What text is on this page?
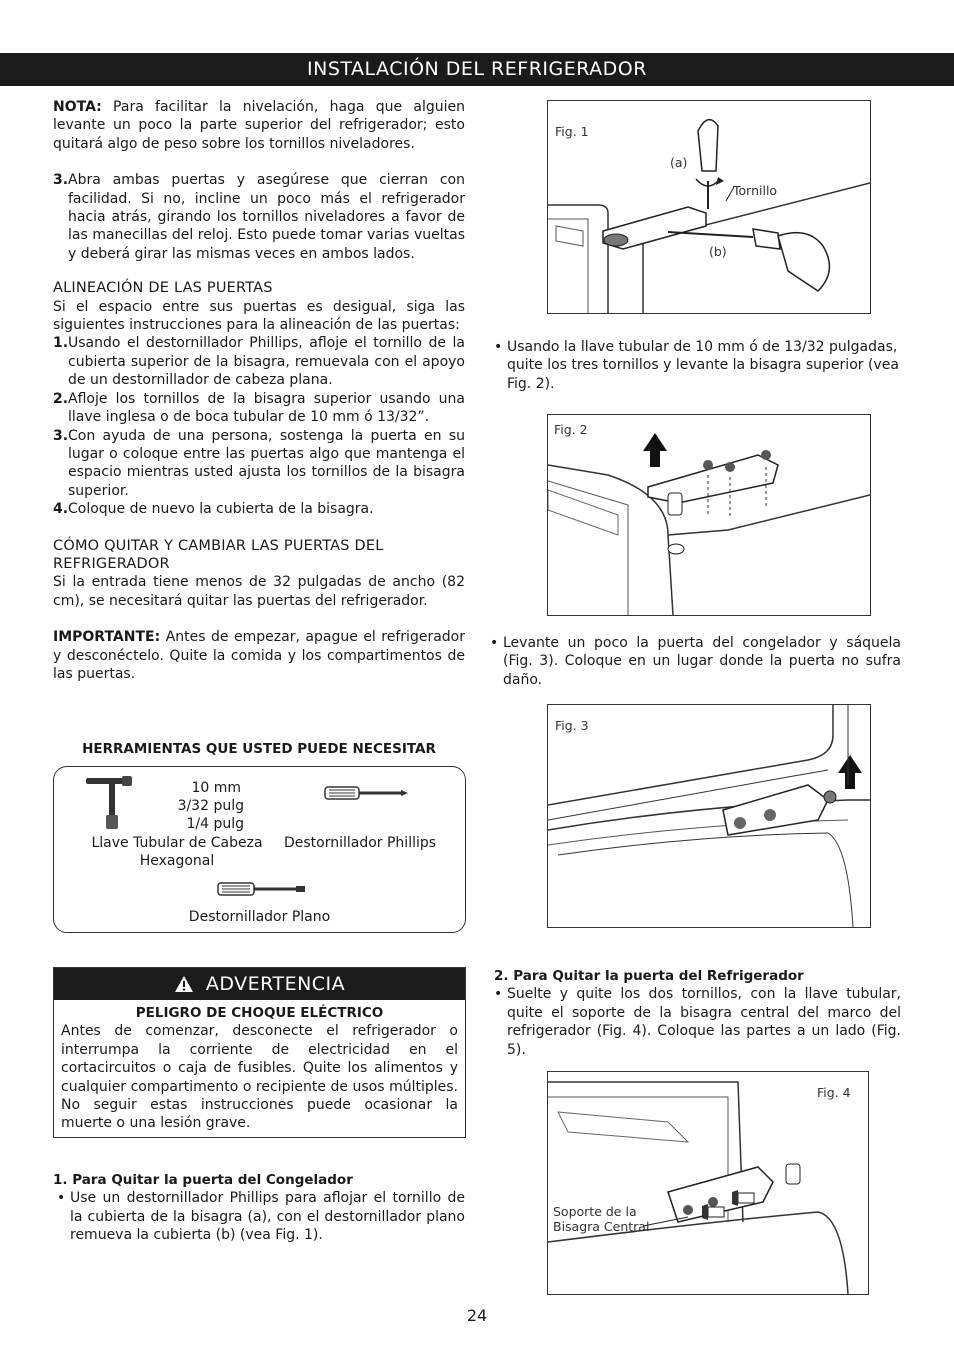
INSTALACIÓN DEL REFRIGERADOR

NOTA: Para facilitar la nivelación, haga que alguien levante un poco la parte superior del refrigerador; esto quitará algo de peso sobre los tornillos niveladores.

3. Abra ambas puertas y asegúrese que cierran con facilidad. Si no, incline un poco más el refrigerador hacia atrás, girando los tornillos niveladores a favor de las manecillas del reloj. Esto puede tomar varias vueltas y deberá girar las mismas veces en ambos lados.

ALINEACIÓN DE LAS PUERTAS

Si el espacio entre sus puertas es desigual, siga las siguientes instrucciones para la alineación de las puertas:

1. Usando el destornillador Phillips, afloje el tornillo de la cubierta superior de la bisagra, remuevala con el apoyo de un destornillador de cabeza plana.
2. Afloje los tornillos de la bisagra superior usando una llave inglesa o de boca tubular de 10 mm ó 13/32”.
3. Con ayuda de una persona, sostenga la puerta en su lugar o coloque entre las puertas algo que mantenga el espacio mientras usted ajusta los tornillos de la bisagra superior.
4. Coloque de nuevo la cubierta de la bisagra.

CÓMO QUITAR Y CAMBIAR LAS PUERTAS DEL REFRIGERADOR

Si la entrada tiene menos de 32 pulgadas de ancho (82 cm), se necesitará quitar las puertas del refrigerador.

IMPORTANTE: Antes de empezar, apague el refrigerador y desconéctelo. Quite la comida y los compartimentos de las puertas.

HERRAMIENTAS QUE USTED PUEDE NECESITAR
10 mm
3/32 pulg
1/4 pulg
Llave Tubular de Cabeza
Hexagonal
Destornillador Phillips
Destornillador Plano
ADVERTENCIA
PELIGRO DE CHOQUE ELÉCTRICO

Antes de comenzar, desconecte el refrigerador o interrumpa la corriente de electricidad en el cortacircuitos o caja de fusibles. Quite los alimentos y cualquier compartimento o recipiente de usos múltiples. No seguir estas instrucciones puede ocasionar la muerte o una lesión grave.

1. Para Quitar la puerta del Congelador
• Use un destornillador Phillips para aflojar el tornillo de la cubierta de la bisagra (a), con el destornillador plano remueva la cubierta (b) (vea Fig. 1).
Fig. 1
(a)
Tornillo
(b)
• Usando la llave tubular de 10 mm ó de 13/32 pulgadas, quite los tres tornillos y levante la bisagra superior (vea Fig. 2).
Fig. 2
• Levante un poco la puerta del congelador y sáquela (Fig. 3). Coloque en un lugar donde la puerta no sufra daño.
Fig. 3
2. Para Quitar la puerta del Refrigerador
• Suelte y quite los dos tornillos, con la llave tubular, quite el soporte de la bisagra central del marco del refrigerador (Fig. 4). Coloque las partes a un lado (Fig. 5).
Fig. 4
Soporte de la
Bisagra Central
24
